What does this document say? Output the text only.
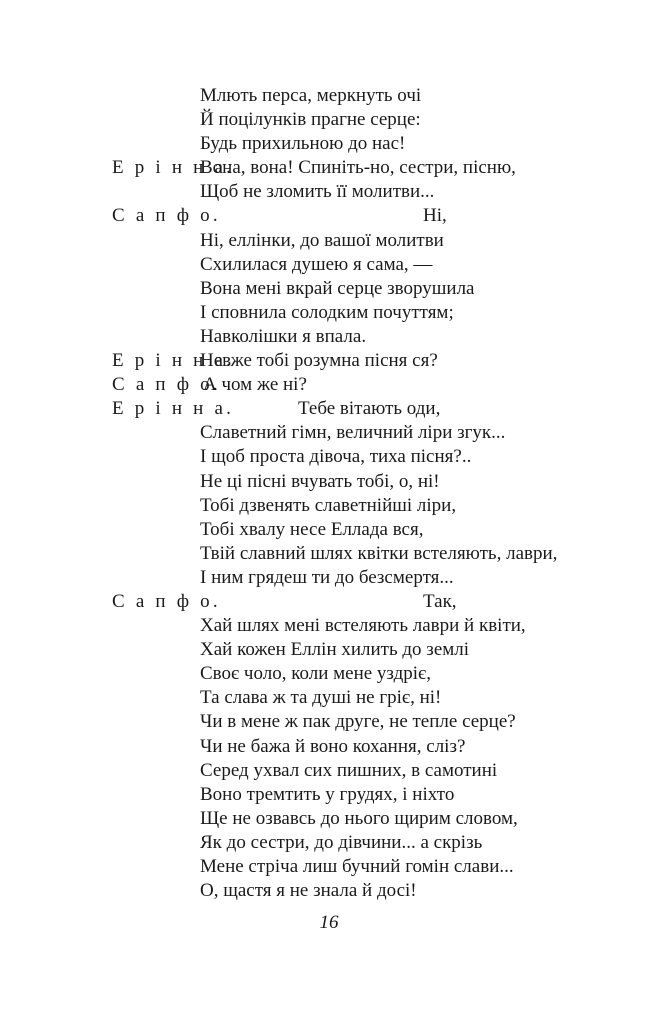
Млють перса, меркнуть очі
Й поцілунків прагне серце:
Будь прихильною до нас!
Е р і н н а.
Вона, вона! Спиніть-но, сестри, пісню,
Щоб не зломить її молитви...
С а п ф о.	Ні,
Ні, еллінки, до вашої молитви
Схилилася душею я сама, —
Вона мені вкрай серце зворушила
І сповнила солодким почуттям;
Навколішки я впала.
Е р і н н а.
Невже тобі розумна пісня ся?
С а п ф о.
А чом же ні?
Е р і н н а.	Тебе вітають оди,
Славетний гімн, величний ліри згук...
І щоб проста дівоча, тиха пісня?..
Не ці пісні вчувать тобі, о, ні!
Тобі дзвенять славетнійші ліри,
Тобі хвалу несе Еллада вся,
Твій славний шлях квітки встеляють, лаври,
І ним грядеш ти до безсмертя...
С а п ф о.	Так,
Хай шлях мені встеляють лаври й квіти,
Хай кожен Еллін хилить до землі
Своє чоло, коли мене уздріє,
Та слава ж та душі не гріє, ні!
Чи в мене ж пак друге, не тепле серце?
Чи не бажа й воно кохання, сліз?
Серед ухвал сих пишних, в самотині
Воно тремтить у грудях, і ніхто
Ще не озвавсь до нього щирим словом,
Як до сестри, до дівчини... а скрізь
Мене стріча лиш бучний гомін слави...
О, щастя я не знала й досі!
16
